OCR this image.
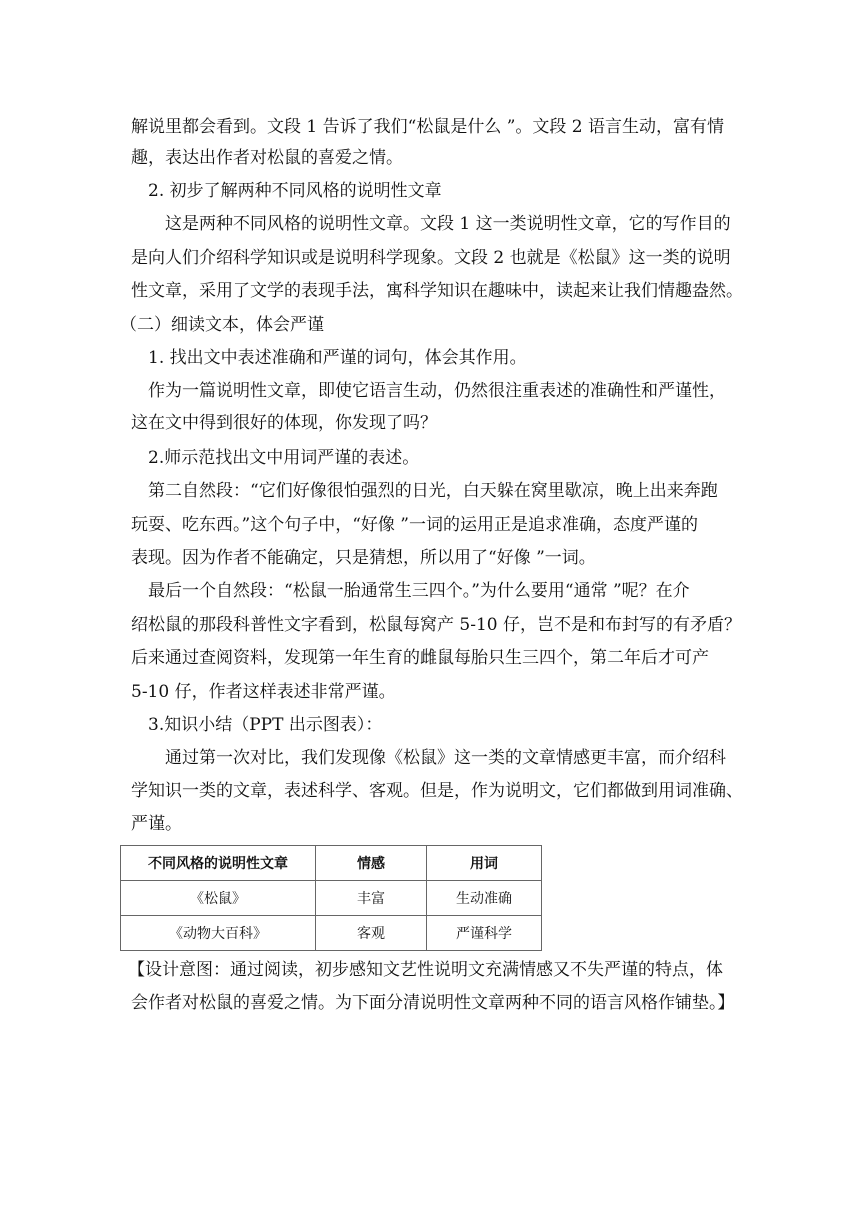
解说里都会看到。文段 1 告诉了我们“松鼠是什么 ”。文段 2 语言生动，富有情
趣，表达出作者对松鼠的喜爱之情。
2. 初步了解两种不同风格的说明性文章
这是两种不同风格的说明性文章。文段 1 这一类说明性文章，它的写作目的
是向人们介绍科学知识或是说明科学现象。文段 2 也就是《松鼠》这一类的说明
性文章，采用了文学的表现手法，寓科学知识在趣味中，读起来让我们情趣盎然。
（二）细读文本，体会严谨
1. 找出文中表述准确和严谨的词句，体会其作用。
作为一篇说明性文章，即使它语言生动，仍然很注重表述的准确性和严谨性，
这在文中得到很好的体现，你发现了吗？
2.师示范找出文中用词严谨的表述。
第二自然段：“它们好像很怕强烈的日光，白天躲在窝里歇凉，晚上出来奔跑
玩耍、吃东西。”这个句子中，“好像 ”一词的运用正是追求准确，态度严谨的
表现。因为作者不能确定，只是猜想，所以用了“好像 ”一词。
最后一个自然段：“松鼠一胎通常生三四个。”为什么要用“通常 ”呢？在介
绍松鼠的那段科普性文字看到，松鼠每窝产 5-10 仔，岂不是和布封写的有矛盾？
后来通过查阅资料，发现第一年生育的雌鼠每胎只生三四个，第二年后才可产
5-10 仔，作者这样表述非常严谨。
3.知识小结（PPT 出示图表）：
通过第一次对比，我们发现像《松鼠》这一类的文章情感更丰富，而介绍科
学知识一类的文章，表述科学、客观。但是，作为说明文，它们都做到用词准确、
严谨。
不同风格的说明性文章	情感	用词
《松鼠》	丰富	生动准确
《动物大百科》	客观	严谨科学
【设计意图：通过阅读，初步感知文艺性说明文充满情感又不失严谨的特点，体
会作者对松鼠的喜爱之情。为下面分清说明性文章两种不同的语言风格作铺垫。】
